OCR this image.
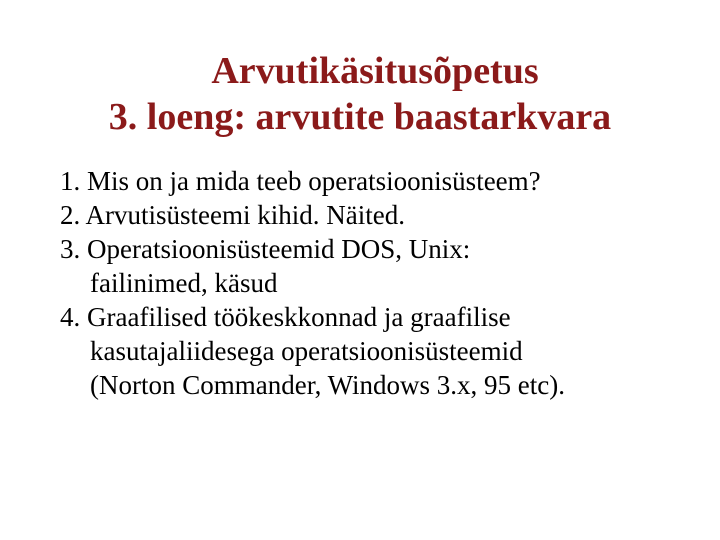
Arvutikäsitusõpetus
3. loeng: arvutite baastarkvara
1. Mis on ja mida teeb operatsioonisüsteem?
2. Arvutisüsteemi kihid. Näited.
3. Operatsioonisüsteemid DOS, Unix:
failinimed, käsud
4. Graafilised töökeskkonnad ja graafilise
kasutajaliidesega operatsioonisüsteemid
(Norton Commander, Windows 3.x, 95 etc).
